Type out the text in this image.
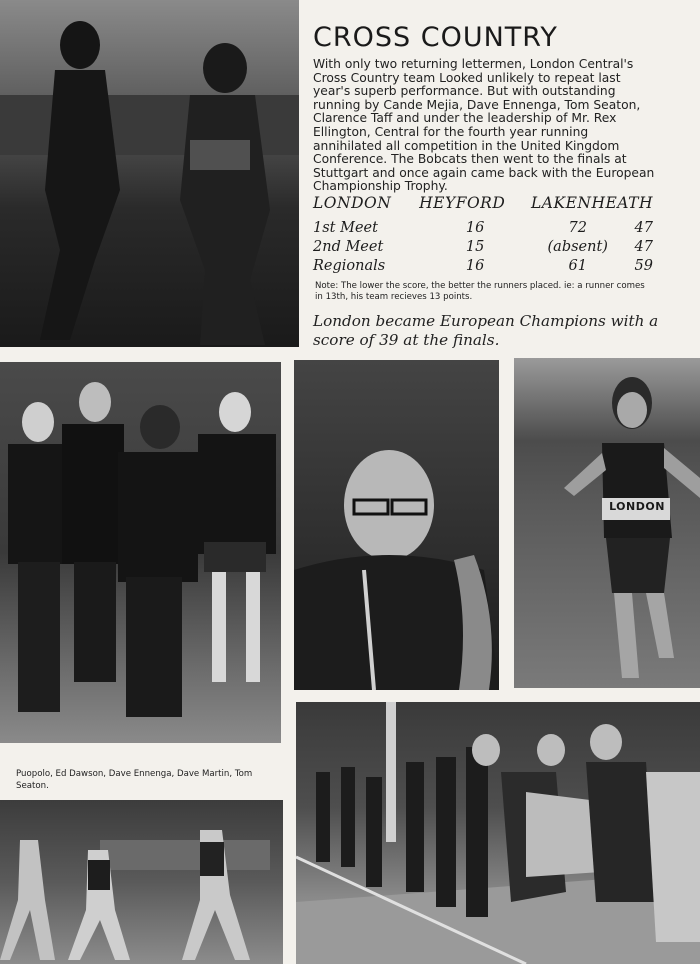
CROSS COUNTRY

With only two returning lettermen, London Central's Cross Country team Looked unlikely to repeat last year's superb performance. But with outstanding running by Cande Mejia, Dave Ennenga, Tom Seaton, Clarence Taff and under the leadership of Mr. Rex Ellington, Central for the fourth year running annihilated all competition in the United Kingdom Conference. The Bobcats then went to the finals at Stuttgart and once again came back with the European Championship Trophy.

LONDON	HEYFORD	LAKENHEATH	
1st Meet	16	72	47
2nd Meet	15	(absent)	47
Regionals	16	61	59

Note: The lower the score, the better the runners placed. ie: a runner comes in 13th, his team recieves 13 points.

London became European Champions with a score of 39 at the finals.

LONDON

Puopolo, Ed Dawson, Dave Ennenga, Dave Martin, Tom Seaton.
